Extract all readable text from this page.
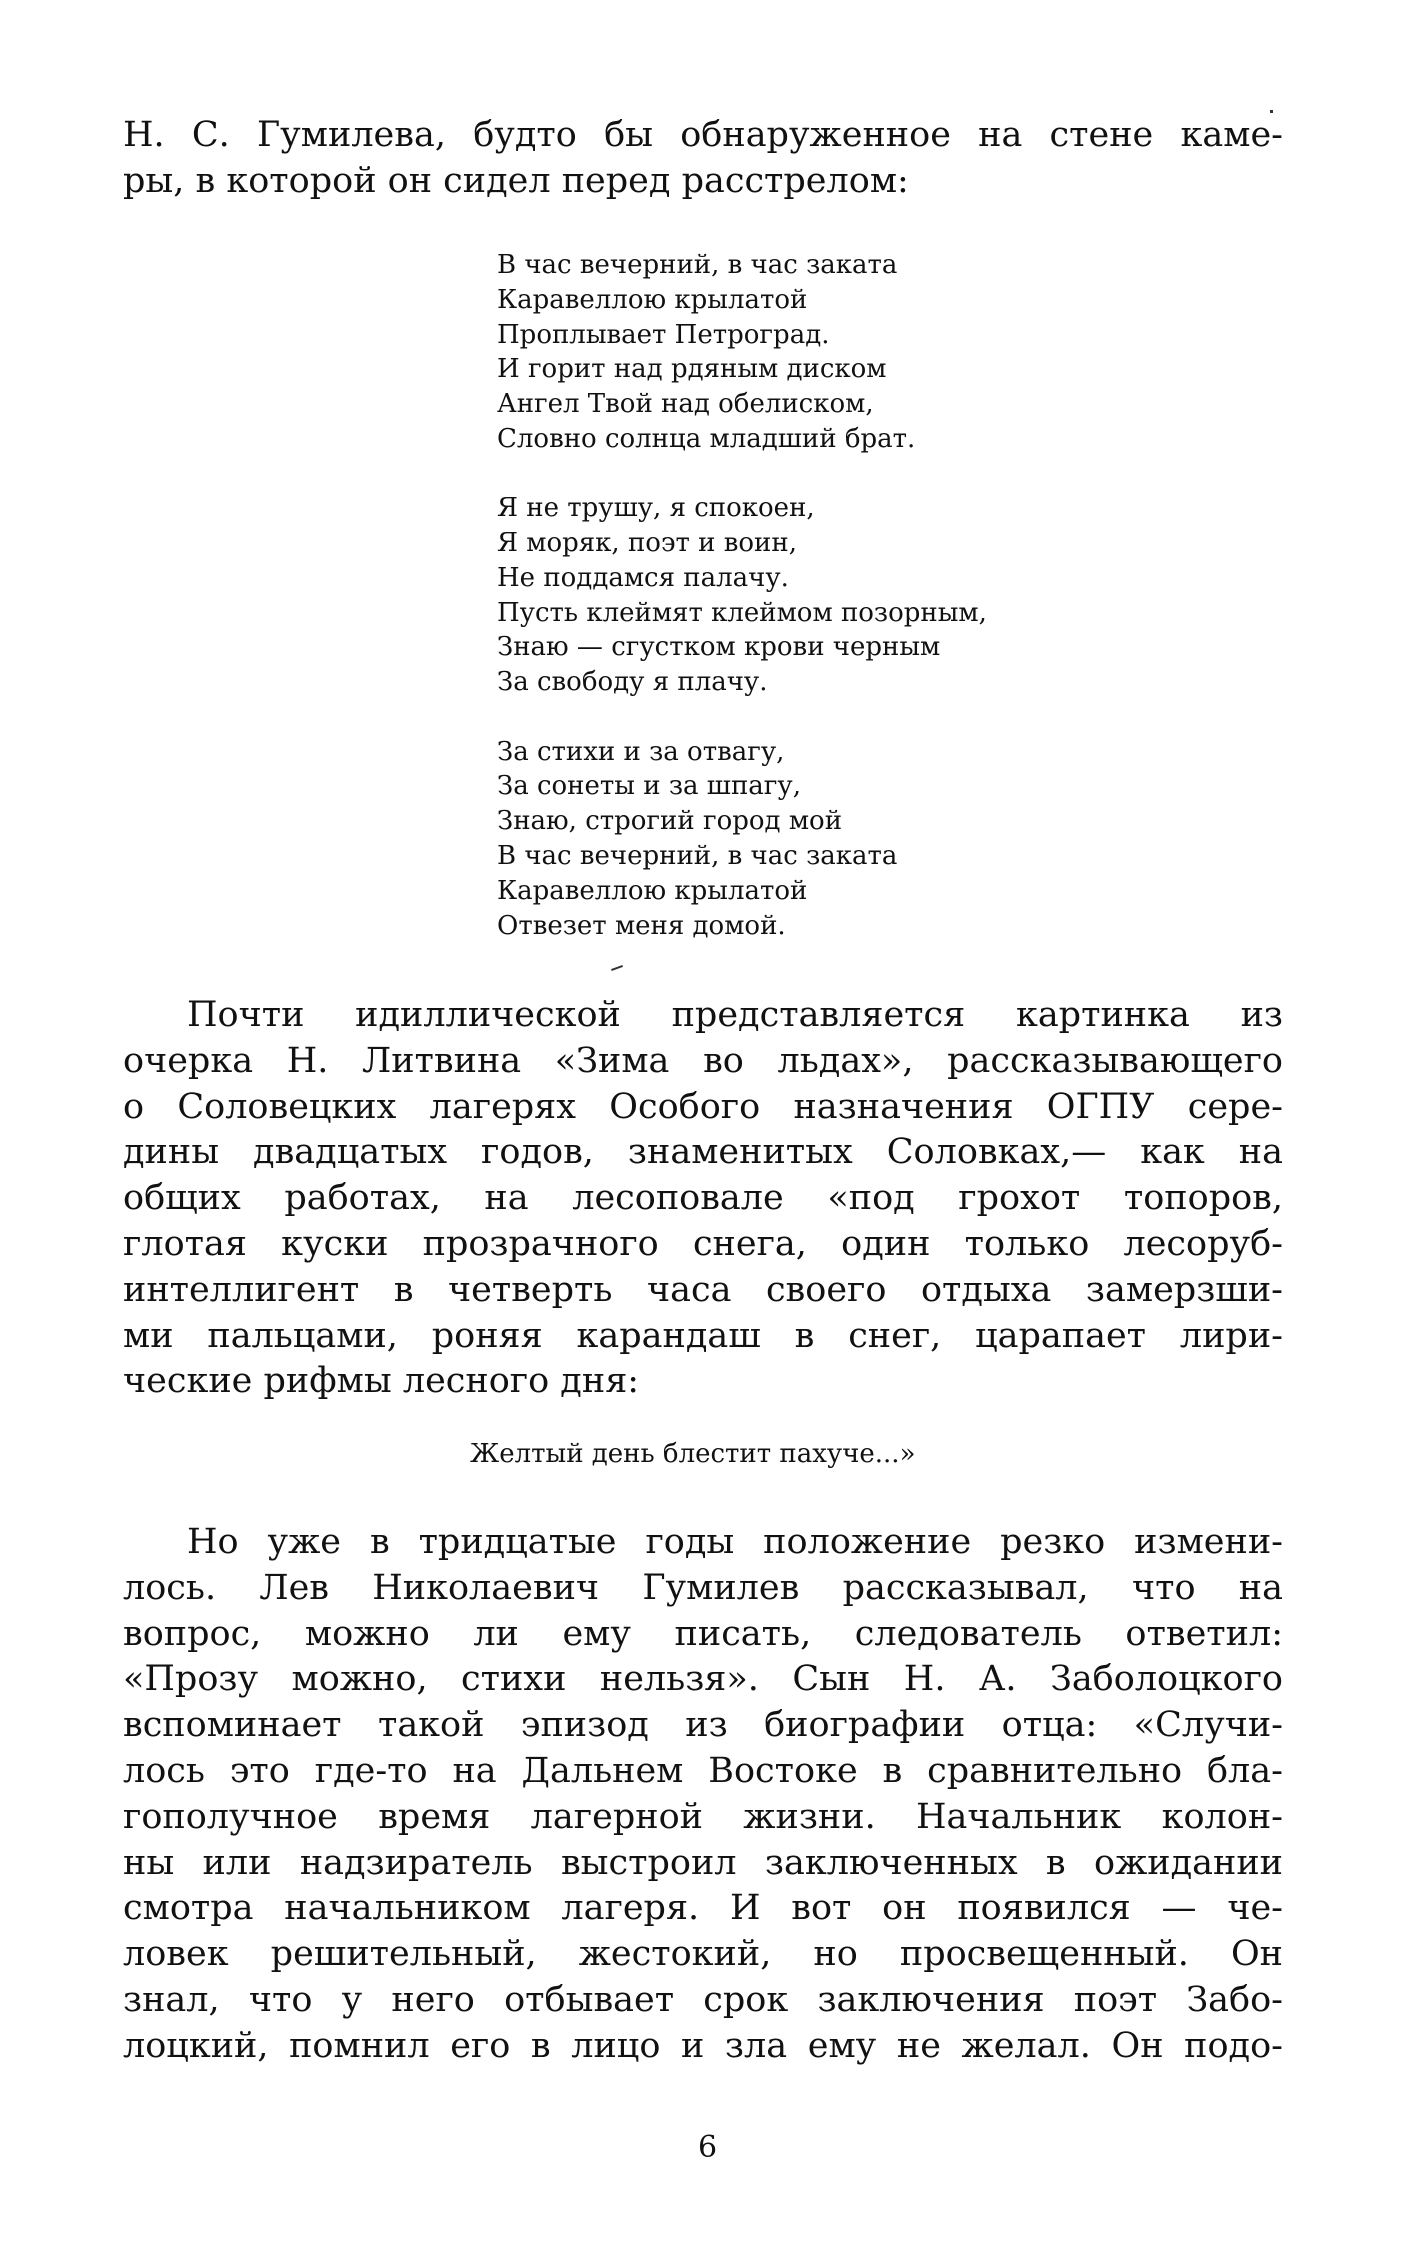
Н. С. Гумилева, будто бы обнаруженное на стене каме-
ры, в которой он сидел перед расстрелом:
В час вечерний, в час заката
Каравеллою крылатой
Проплывает Петроград.
И горит над рдяным диском
Ангел Твой над обелиском,
Словно солнца младший брат.
Я не трушу, я спокоен,
Я моряк, поэт и воин,
Не поддамся палачу.
Пусть клеймят клеймом позорным,
Знаю — сгустком крови черным
За свободу я плачу.
За стихи и за отвагу,
За сонеты и за шпагу,
Знаю, строгий город мой
В час вечерний, в час заката
Каравеллою крылатой
Отвезет меня домой.
Почти идиллической представляется картинка из
очерка Н. Литвина «Зима во льдах», рассказывающего
о Соловецких лагерях Особого назначения ОГПУ сере-
дины двадцатых годов, знаменитых Соловках,— как на
общих работах, на лесоповале «под грохот топоров,
глотая куски прозрачного снега, один только лесоруб-
интеллигент в четверть часа своего отдыха замерзши-
ми пальцами, роняя карандаш в снег, царапает лири-
ческие рифмы лесного дня:
Желтый день блестит пахуче...»
Но уже в тридцатые годы положение резко измени-
лось. Лев Николаевич Гумилев рассказывал, что на
вопрос, можно ли ему писать, следователь ответил:
«Прозу можно, стихи нельзя». Сын Н. А. Заболоцкого
вспоминает такой эпизод из биографии отца: «Случи-
лось это где-то на Дальнем Востоке в сравнительно бла-
гополучное время лагерной жизни. Начальник колон-
ны или надзиратель выстроил заключенных в ожидании
смотра начальником лагеря. И вот он появился — че-
ловек решительный, жестокий, но просвещенный. Он
знал, что у него отбывает срок заключения поэт Забо-
лоцкий, помнил его в лицо и зла ему не желал. Он подо-
6
